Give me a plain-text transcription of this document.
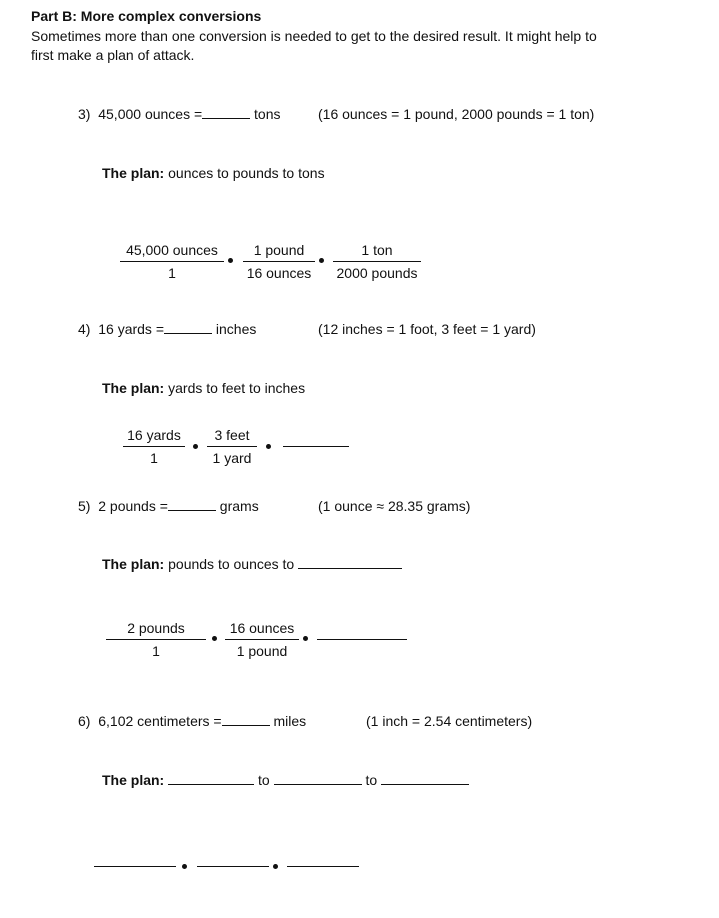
Part B: More complex conversions
Sometimes more than one conversion is needed to get to the desired result. It might help to
first make a plan of attack.
3) 45,000 ounces =	tons	(16 ounces = 1 pound, 2000 pounds = 1 ton)
The plan: ounces to pounds to tons
45,000 ounces
1
1 pound
16 ounces
1 ton
2000 pounds
4) 16 yards =	inches	(12 inches = 1 foot, 3 feet = 1 yard)
The plan: yards to feet to inches
16 yards
1
3 feet
1 yard
5) 2 pounds =	grams	(1 ounce ≈ 28.35 grams)
The plan: pounds to ounces to
2 pounds
1
16 ounces
1 pound
6) 6,102 centimeters =	miles	(1 inch = 2.54 centimeters)
The plan:	to	to
